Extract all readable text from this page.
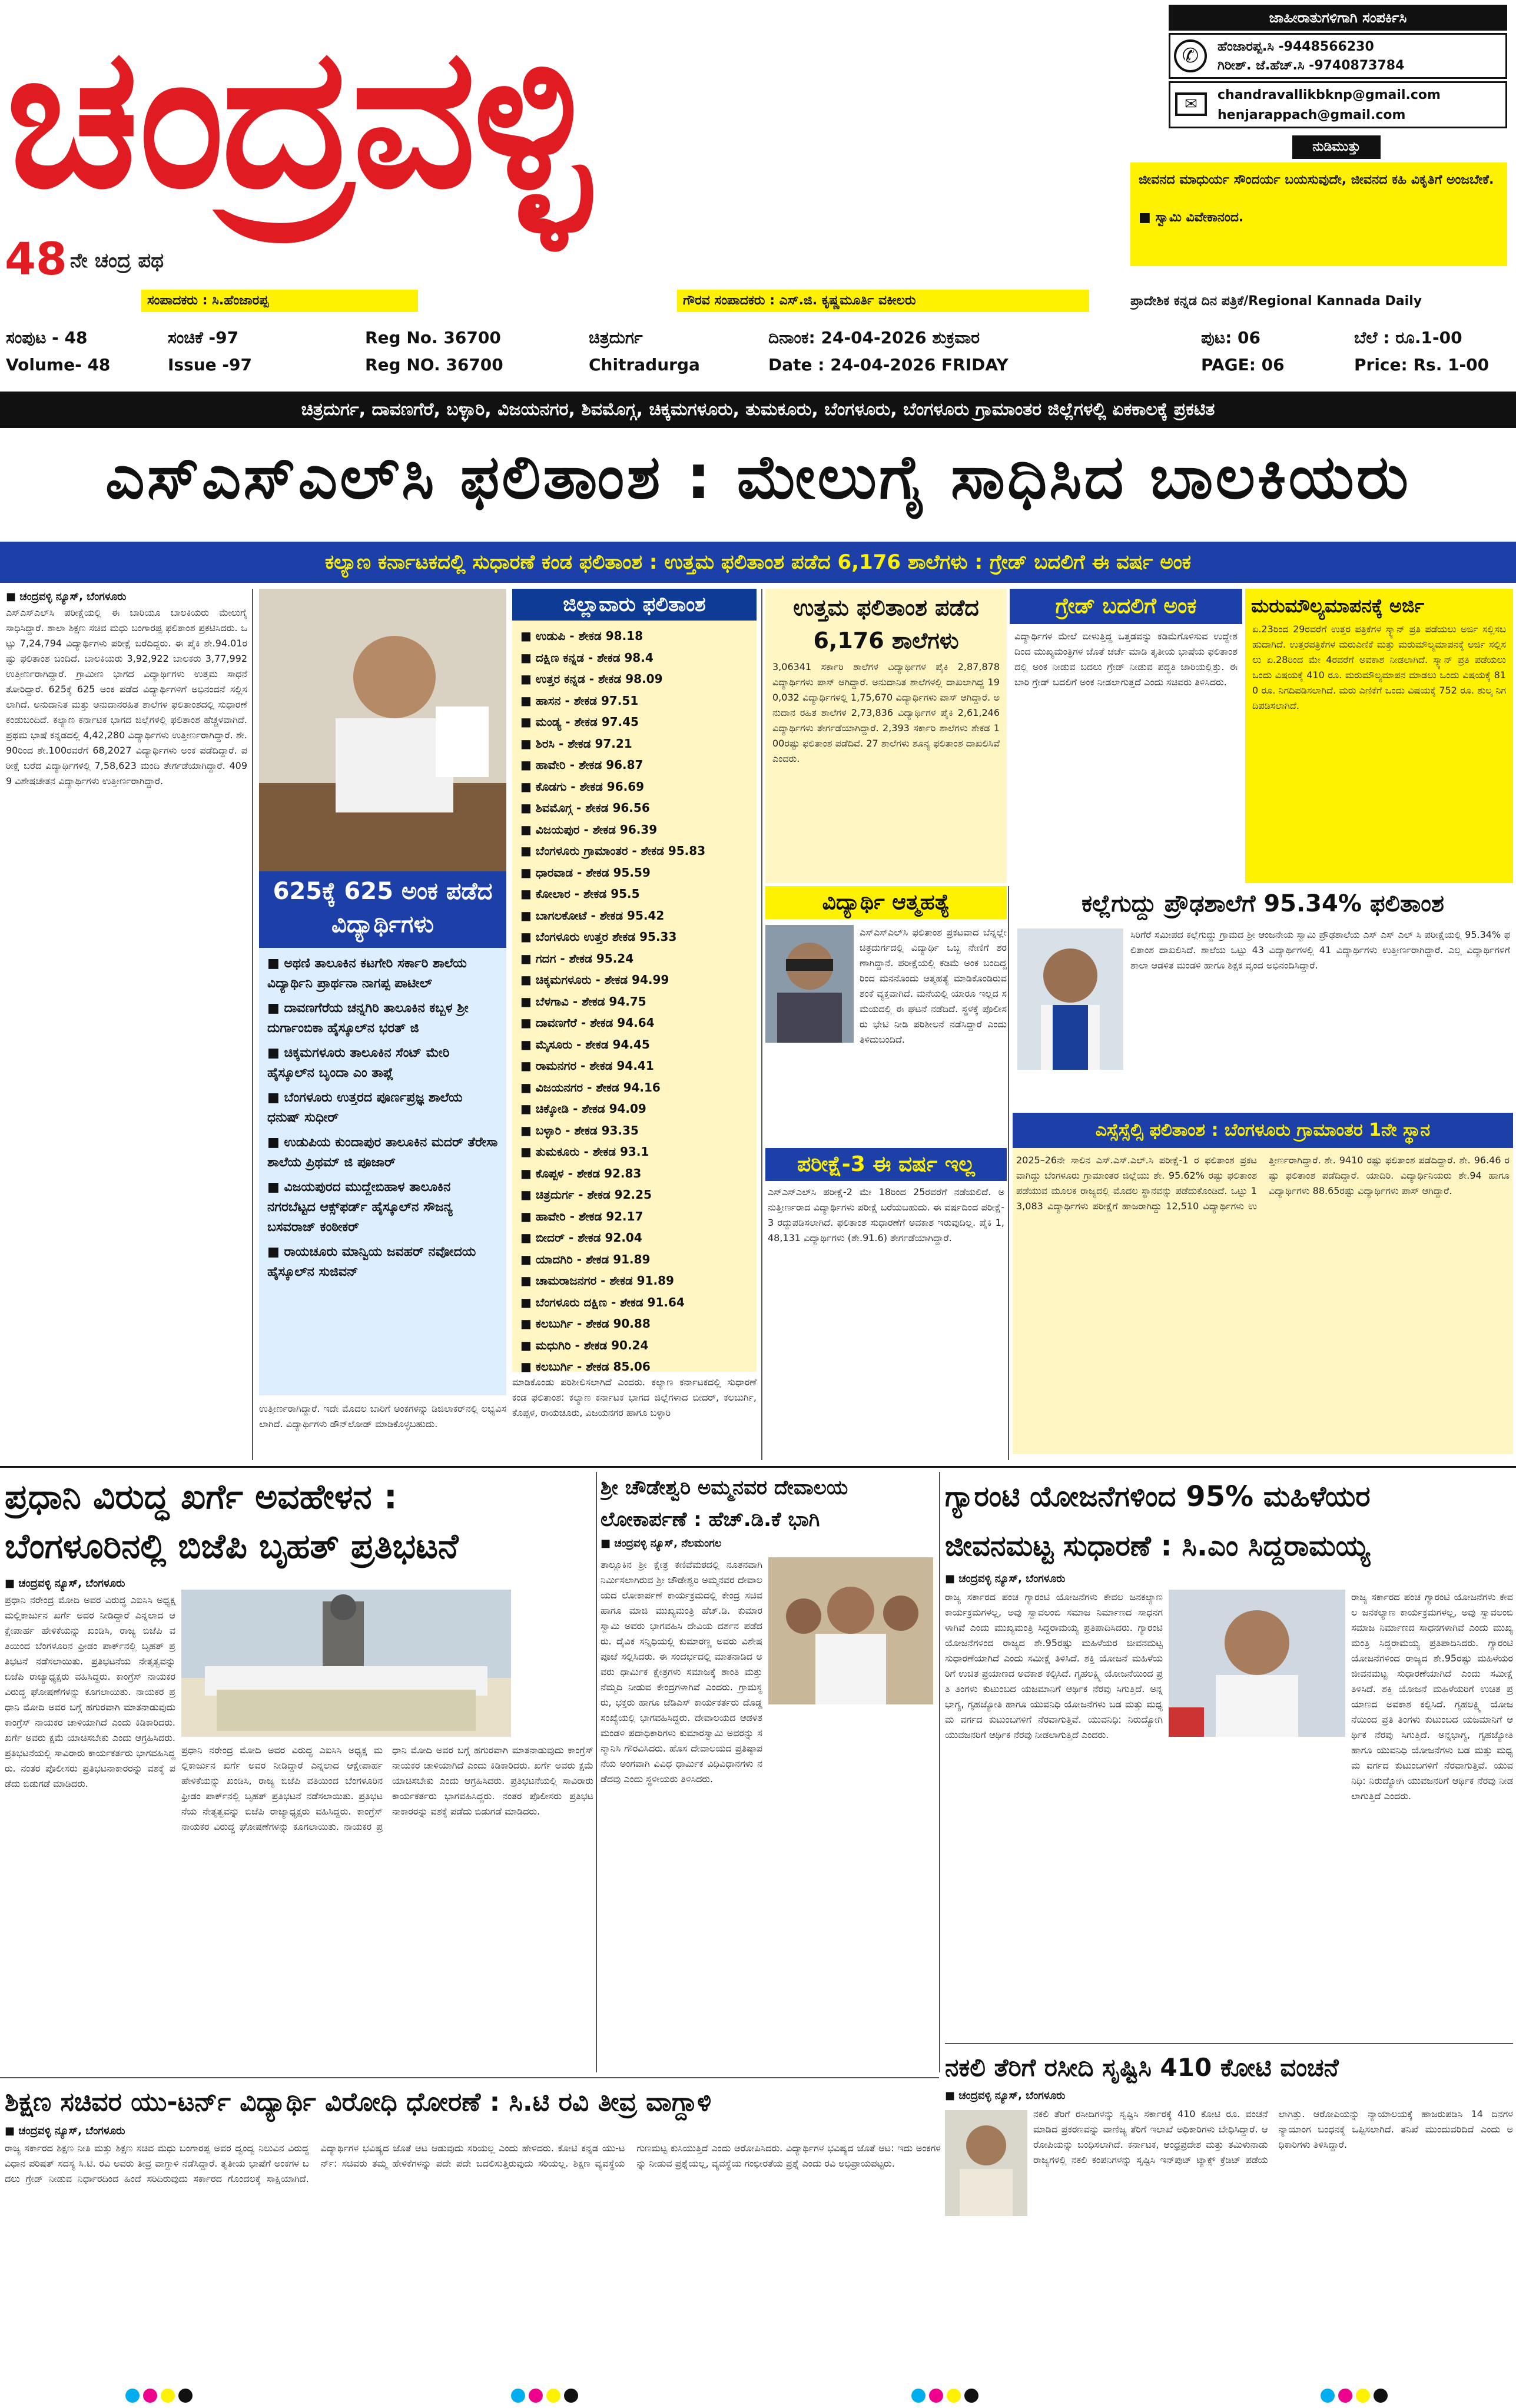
ಚಂದ್ರವಳ್ಳಿ
48 ನೇ ಚಂದ್ರ ಪಥ
ಸಂಪಾದಕರು : ಸಿ.ಹೆಂಜಾರಪ್ಪ	ಗೌರವ ಸಂಪಾದಕರು : ಎಸ್.ಜಿ. ಕೃಷ್ಣಮೂರ್ತಿ ವಕೀಲರು	ಪ್ರಾದೇಶಿಕ ಕನ್ನಡ ದಿನ ಪತ್ರಿಕೆ/Regional Kannada Daily
ಜಾಹೀರಾತುಗಳಿಗಾಗಿ ಸಂಪರ್ಕಿಸಿ
✆	ಹೆಂಜಾರಪ್ಪ.ಸಿ -9448566230
ಗಿರೀಶ್. ಜೆ.ಹೆಚ್.ಸಿ -9740873784
✉
chandravallikbknp@gmail.com
henjarappach@gmail.com
ನುಡಿಮುತ್ತು
ಜೀವನದ ಮಾಧುರ್ಯ ಸೌಂದರ್ಯ ಬಯಸುವುದೇ, ಜೀವನದ ಕಹಿ ವಿಕೃತಿಗೆ ಅಂಜಬೇಕೆ.
■ ಸ್ವಾಮಿ ವಿವೇಕಾನಂದ.
ಸಂಪುಟ - 48
Volume- 48
ಸಂಚಿಕೆ -97
Issue -97
Reg No. 36700
Reg NO. 36700
ಚಿತ್ರದುರ್ಗ
Chitradurga
ದಿನಾಂಕ: 24-04-2026 ಶುಕ್ರವಾರ
Date : 24-04-2026 FRIDAY
ಪುಟ: 06
PAGE: 06
ಬೆಲೆ : ರೂ.1-00
Price: Rs. 1-00
ಚಿತ್ರದುರ್ಗ, ದಾವಣಗೆರೆ, ಬಳ್ಳಾರಿ, ವಿಜಯನಗರ, ಶಿವಮೊಗ್ಗ, ಚಿಕ್ಕಮಗಳೂರು, ತುಮಕೂರು, ಬೆಂಗಳೂರು, ಬೆಂಗಳೂರು ಗ್ರಾಮಾಂತರ ಜಿಲ್ಲೆಗಳಲ್ಲಿ ಏಕಕಾಲಕ್ಕೆ ಪ್ರಕಟಿತ
ಎಸ್‌ಎಸ್‌ಎಲ್‌ಸಿ ಫಲಿತಾಂಶ : ಮೇಲುಗೈ ಸಾಧಿಸಿದ ಬಾಲಕಿಯರು
ಕಲ್ಯಾಣ ಕರ್ನಾಟಕದಲ್ಲಿ ಸುಧಾರಣೆ ಕಂಡ ಫಲಿತಾಂಶ : ಉತ್ತಮ ಫಲಿತಾಂಶ ಪಡೆದ 6,176 ಶಾಲೆಗಳು : ಗ್ರೇಡ್ ಬದಲಿಗೆ ಈ ವರ್ಷ ಅಂಕ
■ ಚಂದ್ರವಳ್ಳಿ ನ್ಯೂಸ್, ಬೆಂಗಳೂರು
ಎಸ್‌ಎಸ್‌ಎಲ್‌ಸಿ ಪರೀಕ್ಷೆಯಲ್ಲಿ ಈ ಬಾರಿಯೂ ಬಾಲಕಿಯರು ಮೇಲುಗೈ ಸಾಧಿಸಿದ್ದಾರೆ. ಶಾಲಾ ಶಿಕ್ಷಣ ಸಚಿವ ಮಧು ಬಂಗಾರಪ್ಪ ಫಲಿತಾಂಶ ಪ್ರಕಟಿಸಿದರು. ಒಟ್ಟು 7,24,794 ವಿದ್ಯಾರ್ಥಿಗಳು ಪರೀಕ್ಷೆ ಬರೆದಿದ್ದರು. ಈ ಪೈಕಿ ಶೇ.94.01ರಷ್ಟು ಫಲಿತಾಂಶ ಬಂದಿದೆ. ಬಾಲಕಿಯರು 3,92,922 ಬಾಲಕರು 3,77,992 ಉತ್ತೀರ್ಣರಾಗಿದ್ದಾರೆ. ಗ್ರಾಮೀಣ ಭಾಗದ ವಿದ್ಯಾರ್ಥಿಗಳು ಉತ್ತಮ ಸಾಧನೆ ತೋರಿದ್ದಾರೆ. 625ಕ್ಕೆ 625 ಅಂಕ ಪಡೆದ ವಿದ್ಯಾರ್ಥಿಗಳಿಗೆ ಅಭಿನಂದನೆ ಸಲ್ಲಿಸಲಾಗಿದೆ. ಅನುದಾನಿತ ಮತ್ತು ಅನುದಾನರಹಿತ ಶಾಲೆಗಳ ಫಲಿತಾಂಶದಲ್ಲಿ ಸುಧಾರಣೆ ಕಂಡುಬಂದಿದೆ. ಕಲ್ಯಾಣ ಕರ್ನಾಟಕ ಭಾಗದ ಜಿಲ್ಲೆಗಳಲ್ಲಿ ಫಲಿತಾಂಶ ಹೆಚ್ಚಳವಾಗಿದೆ. ಪ್ರಥಮ ಭಾಷೆ ಕನ್ನಡದಲ್ಲಿ 4,42,280 ವಿದ್ಯಾರ್ಥಿಗಳು ಉತ್ತೀರ್ಣರಾಗಿದ್ದಾರೆ. ಶೇ.90ರಿಂದ ಶೇ.100ರವರೆಗೆ 68,2027 ವಿದ್ಯಾರ್ಥಿಗಳು ಅಂಕ ಪಡೆದಿದ್ದಾರೆ. ಪರೀಕ್ಷೆ ಬರೆದ ವಿದ್ಯಾರ್ಥಿಗಳಲ್ಲಿ 7,58,623 ಮಂದಿ ತೇರ್ಗಡೆಯಾಗಿದ್ದಾರೆ. 4099 ವಿಶೇಷಚೇತನ ವಿದ್ಯಾರ್ಥಿಗಳು ಉತ್ತೀರ್ಣರಾಗಿದ್ದಾರೆ.
ಉತ್ತೀರ್ಣರಾಗಿದ್ದಾರೆ. ಇದೇ ಮೊದಲ ಬಾರಿಗೆ ಅಂಕಗಳನ್ನು ಡಿಜಿಲಾಕರ್‌ನಲ್ಲಿ ಲಭ್ಯವಿಸಲಾಗಿದೆ. ವಿದ್ಯಾರ್ಥಿಗಳು ಡೌನ್‌ಲೋಡ್ ಮಾಡಿಕೊಳ್ಳಬಹುದು.
625ಕ್ಕೆ 625 ಅಂಕ ಪಡೆದ ವಿದ್ಯಾರ್ಥಿಗಳು
■ ಅಥಣಿ ತಾಲೂಕಿನ ಕಟಗೇರಿ ಸರ್ಕಾರಿ ಶಾಲೆಯ ವಿದ್ಯಾರ್ಥಿನಿ ಪ್ರಾರ್ಥನಾ ನಾಗಪ್ಪ ಪಾಟೀಲ್
■ ದಾವಣಗೆರೆಯ ಚನ್ನಗಿರಿ ತಾಲೂಕಿನ ಕಬ್ಬಳ ಶ್ರೀ ದುರ್ಗಾಂಬಿಕಾ ಹೈಸ್ಕೂಲ್‌ನ ಭರತ್ ಜಿ
■ ಚಿಕ್ಕಮಗಳೂರು ತಾಲೂಕಿನ ಸೆಂಟ್ ಮೇರಿ ಹೈಸ್ಕೂಲ್‌ನ ಬೃಂದಾ ಎಂ ತಾಪ್ಲೆ
■ ಬೆಂಗಳೂರು ಉತ್ತರದ ಪೂರ್ಣಪ್ರಜ್ಞ ಶಾಲೆಯ ಧನುಷ್ ಸುಧೀರ್
■ ಉಡುಪಿಯ ಕುಂದಾಪುರ ತಾಲೂಕಿನ ಮದರ್ ತೆರೇಸಾ ಶಾಲೆಯ ಪ್ರಿಥಮ್ ಜಿ ಪೂಜಾರ್
■ ವಿಜಯಪುರದ ಮುದ್ದೇಬಿಹಾಳ ತಾಲೂಕಿನ ನಗರಬೆಟ್ಟದ ಆಕ್ಸ್‌ಫರ್ಡ್ ಹೈಸ್ಕೂಲ್‌ನ ಸೌಜನ್ಯ ಬಸವರಾಜ್ ಕಂಠೀಕರ್
■ ರಾಯಚೂರು ಮಾನ್ವಿಯ ಜವಹರ್ ನವೋದಯ ಹೈಸ್ಕೂಲ್‌ನ ಸುಜಿವನ್
ಜಿಲ್ಲಾವಾರು ಫಲಿತಾಂಶ
■ ಉಡುಪಿ - ಶೇಕಡ 98.18
■ ದಕ್ಷಿಣ ಕನ್ನಡ - ಶೇಕಡ 98.4
■ ಉತ್ತರ ಕನ್ನಡ - ಶೇಕಡ 98.09
■ ಹಾಸನ - ಶೇಕಡ 97.51
■ ಮಂಡ್ಯ - ಶೇಕಡ 97.45
■ ಶಿರಸಿ - ಶೇಕಡ 97.21
■ ಹಾವೇರಿ - ಶೇಕಡ 96.87
■ ಕೊಡಗು - ಶೇಕಡ 96.69
■ ಶಿವಮೊಗ್ಗ - ಶೇಕಡ 96.56
■ ವಿಜಯಪುರ - ಶೇಕಡ 96.39
■ ಬೆಂಗಳೂರು ಗ್ರಾಮಾಂತರ - ಶೇಕಡ 95.83
■ ಧಾರವಾಡ - ಶೇಕಡ 95.59
■ ಕೋಲಾರ - ಶೇಕಡ 95.5
■ ಬಾಗಲಕೋಟೆ - ಶೇಕಡ 95.42
■ ಬೆಂಗಳೂರು ಉತ್ತರ ಶೇಕಡ 95.33
■ ಗದಗ - ಶೇಕಡ 95.24
■ ಚಿಕ್ಕಮಗಳೂರು - ಶೇಕಡ 94.99
■ ಬೆಳಗಾವಿ - ಶೇಕಡ 94.75
■ ದಾವಣಗೆರೆ - ಶೇಕಡ 94.64
■ ಮೈಸೂರು - ಶೇಕಡ 94.45
■ ರಾಮನಗರ - ಶೇಕಡ 94.41
■ ವಿಜಯನಗರ - ಶೇಕಡ 94.16
■ ಚಿಕ್ಕೋಡಿ - ಶೇಕಡ 94.09
■ ಬಳ್ಳಾರಿ - ಶೇಕಡ 93.35
■ ತುಮಕೂರು - ಶೇಕಡ 93.1
■ ಕೊಪ್ಪಳ - ಶೇಕಡ 92.83
■ ಚಿತ್ರದುರ್ಗ - ಶೇಕಡ 92.25
■ ಹಾವೇರಿ - ಶೇಕಡ 92.17
■ ಬೀದರ್ - ಶೇಕಡ 92.04
■ ಯಾದಗಿರಿ - ಶೇಕಡ 91.89
■ ಚಾಮರಾಜನಗರ - ಶೇಕಡ 91.89
■ ಬೆಂಗಳೂರು ದಕ್ಷಿಣ - ಶೇಕಡ 91.64
■ ಕಲಬುರ್ಗಿ - ಶೇಕಡ 90.88
■ ಮಧುಗಿರಿ - ಶೇಕಡ 90.24
■ ಕಲಬುರ್ಗಿ - ಶೇಕಡ 85.06
ಮಾಡಿಕೊಂಡು ಪರಿಶೀಲಿಸಲಾಗಿದೆ ಎಂದರು. ಕಲ್ಯಾಣ ಕರ್ನಾಟಕದಲ್ಲಿ ಸುಧಾರಣೆ ಕಂಡ ಫಲಿತಾಂಶ: ಕಲ್ಯಾಣ ಕರ್ನಾಟಕ ಭಾಗದ ಜಿಲ್ಲೆಗಳಾದ ಬೀದರ್, ಕಲಬುರ್ಗಿ, ಕೊಪ್ಪಳ, ರಾಯಚೂರು, ವಿಜಯನಗರ ಹಾಗೂ ಬಳ್ಳಾರಿ
ಉತ್ತಮ ಫಲಿತಾಂಶ ಪಡೆದ 6,176 ಶಾಲೆಗಳು
3,06341 ಸರ್ಕಾರಿ ಶಾಲೆಗಳ ವಿದ್ಯಾರ್ಥಿಗಳ ಪೈಕಿ 2,87,878 ವಿದ್ಯಾರ್ಥಿಗಳು ಪಾಸ್ ಆಗಿದ್ದಾರೆ. ಅನುದಾನಿತ ಶಾಲೆಗಳಲ್ಲಿ ದಾಖಲಾಗಿದ್ದ 190,032 ವಿದ್ಯಾರ್ಥಿಗಳಲ್ಲಿ 1,75,670 ವಿದ್ಯಾರ್ಥಿಗಳು ಪಾಸ್ ಆಗಿದ್ದಾರೆ. ಅನುದಾನ ರಹಿತ ಶಾಲೆಗಳ 2,73,836 ವಿದ್ಯಾರ್ಥಿಗಳ ಪೈಕಿ 2,61,246 ವಿದ್ಯಾರ್ಥಿಗಳು ತೇರ್ಗಡೆಯಾಗಿದ್ದಾರೆ. 2,393 ಸರ್ಕಾರಿ ಶಾಲೆಗಳು ಶೇಕಡ 100ರಷ್ಟು ಫಲಿತಾಂಶ ಪಡೆದಿವೆ. 27 ಶಾಲೆಗಳು ಶೂನ್ಯ ಫಲಿತಾಂಶ ದಾಖಲಿಸಿವೆ ಎಂದರು.
ಗ್ರೇಡ್ ಬದಲಿಗೆ ಅಂಕ
ವಿದ್ಯಾರ್ಥಿಗಳ ಮೇಲೆ ಬೀಳುತ್ತಿದ್ದ ಒತ್ತಡವನ್ನು ಕಡಿಮೆಗೊಳಿಸುವ ಉದ್ದೇಶದಿಂದ ಮುಖ್ಯಮಂತ್ರಿಗಳ ಜೊತೆ ಚರ್ಚೆ ಮಾಡಿ ತೃತೀಯ ಭಾಷೆಯ ಫಲಿತಾಂಶದಲ್ಲಿ ಅಂಕ ನೀಡುವ ಬದಲು ಗ್ರೇಡ್ ನೀಡುವ ಪದ್ಧತಿ ಜಾರಿಯಲ್ಲಿತ್ತು. ಈ ಬಾರಿ ಗ್ರೇಡ್ ಬದಲಿಗೆ ಅಂಕ ನೀಡಲಾಗುತ್ತದೆ ಎಂದು ಸಚಿವರು ತಿಳಿಸಿದರು.
ಮರುಮೌಲ್ಯಮಾಪನಕ್ಕೆ ಅರ್ಜಿ
ಏ.23ರಿಂದ 29ರವರೆಗೆ ಉತ್ತರ ಪತ್ರಿಕೆಗಳ ಸ್ಕ್ಯಾನ್ ಪ್ರತಿ ಪಡೆಯಲು ಅರ್ಜಿ ಸಲ್ಲಿಸಬಹುದಾಗಿದೆ. ಉತ್ತರಪತ್ರಿಕೆಗಳ ಮರುಎಣಿಕೆ ಮತ್ತು ಮರುಮೌಲ್ಯಮಾಪನಕ್ಕೆ ಅರ್ಜಿ ಸಲ್ಲಿಸಲು ಏ.28ರಿಂದ ಮೇ 4ರವರೆಗೆ ಅವಕಾಶ ನೀಡಲಾಗಿದೆ. ಸ್ಕ್ಯಾನ್ ಪ್ರತಿ ಪಡೆಯಲು ಒಂದು ವಿಷಯಕ್ಕೆ 410 ರೂ. ಮರುಮೌಲ್ಯಮಾಪನ ಮಾಡಲು ಒಂದು ವಿಷಯಕ್ಕೆ 810 ರೂ. ನಿಗದಿಪಡಿಸಲಾಗಿದೆ. ಮರು ಎಣಿಕೆಗೆ ಒಂದು ವಿಷಯಕ್ಕೆ 752 ರೂ. ಶುಲ್ಕ ನಿಗದಿಪಡಿಸಲಾಗಿದೆ.
ವಿದ್ಯಾರ್ಥಿ ಆತ್ಮಹತ್ಯೆ
ಎಸ್‌ಎಸ್‌ಎಲ್‌ಸಿ ಫಲಿತಾಂಶ ಪ್ರಕಟವಾದ ಬೆನ್ನಲ್ಲೇ ಚಿತ್ರದುರ್ಗದಲ್ಲಿ ವಿದ್ಯಾರ್ಥಿ ಒಬ್ಬ ನೇಣಿಗೆ ಶರಣಾಗಿದ್ದಾನೆ. ಪರೀಕ್ಷೆಯಲ್ಲಿ ಕಡಿಮೆ ಅಂಕ ಬಂದಿದ್ದರಿಂದ ಮನನೊಂದು ಆತ್ಮಹತ್ಯೆ ಮಾಡಿಕೊಂಡಿರುವ ಶಂಕೆ ವ್ಯಕ್ತವಾಗಿದೆ. ಮನೆಯಲ್ಲಿ ಯಾರೂ ಇಲ್ಲದ ಸಮಯದಲ್ಲಿ ಈ ಘಟನೆ ನಡೆದಿದೆ. ಸ್ಥಳಕ್ಕೆ ಪೊಲೀಸರು ಭೇಟಿ ನೀಡಿ ಪರಿಶೀಲನೆ ನಡೆಸಿದ್ದಾರೆ ಎಂದು ತಿಳಿದುಬಂದಿದೆ.
ಪರೀಕ್ಷೆ-3 ಈ ವರ್ಷ ಇಲ್ಲ
ಎಸ್‌ಎಸ್‌ಎಲ್‌ಸಿ ಪರೀಕ್ಷೆ-2 ಮೇ 18ರಿಂದ 25ರವರೆಗೆ ನಡೆಯಲಿದೆ. ಅನುತ್ತೀರ್ಣರಾದ ವಿದ್ಯಾರ್ಥಿಗಳು ಪರೀಕ್ಷೆ ಬರೆಯಬಹುದು. ಈ ವರ್ಷದಿಂದ ಪರೀಕ್ಷೆ-3 ರದ್ದುಪಡಿಸಲಾಗಿದೆ. ಫಲಿತಾಂಶ ಸುಧಾರಣೆಗೆ ಅವಕಾಶ ಇರುವುದಿಲ್ಲ. ಪೈಕಿ 1,48,131 ವಿದ್ಯಾರ್ಥಿಗಳು (ಶೇ.91.6) ತೇರ್ಗಡೆಯಾಗಿದ್ದಾರೆ.
ಕಲ್ಲೆಗುದ್ದು ಪ್ರೌಢಶಾಲೆಗೆ 95.34% ಫಲಿತಾಂಶ
ಸಿರಿಗೆರೆ ಸಮೀಪದ ಕಲ್ಲೆಗುದ್ದು ಗ್ರಾಮದ ಶ್ರೀ ಆಂಜನೇಯ ಸ್ವಾಮಿ ಪ್ರೌಢಶಾಲೆಯ ಎಸ್ ಎಸ್ ಎಲ್ ಸಿ ಪರೀಕ್ಷೆಯಲ್ಲಿ 95.34% ಫಲಿತಾಂಶ ದಾಖಲಿಸಿದೆ. ಶಾಲೆಯ ಒಟ್ಟು 43 ವಿದ್ಯಾರ್ಥಿಗಳಲ್ಲಿ 41 ವಿದ್ಯಾರ್ಥಿಗಳು ಉತ್ತೀರ್ಣರಾಗಿದ್ದಾರೆ. ಎಲ್ಲ ವಿದ್ಯಾರ್ಥಿಗಳಿಗೆ ಶಾಲಾ ಆಡಳಿತ ಮಂಡಳಿ ಹಾಗೂ ಶಿಕ್ಷಕ ವೃಂದ ಅಭಿನಂದಿಸಿದ್ದಾರೆ.
ಎಸ್ಸೆಸ್ಸೆಲ್ಸಿ ಫಲಿತಾಂಶ : ಬೆಂಗಳೂರು ಗ್ರಾಮಾಂತರ 1ನೇ ಸ್ಥಾನ
2025–26ನೇ ಸಾಲಿನ ಎಸ್.ಎಸ್.ಎಲ್.ಸಿ ಪರೀಕ್ಷೆ-1 ರ ಫಲಿತಾಂಶ ಪ್ರಕಟವಾಗಿದ್ದು ಬೆಂಗಳೂರು ಗ್ರಾಮಾಂತರ ಜಿಲ್ಲೆಯು ಶೇ. 95.62% ರಷ್ಟು ಫಲಿತಾಂಶ ಪಡೆಯುವ ಮೂಲಕ ರಾಜ್ಯದಲ್ಲಿ ಮೊದಲ ಸ್ಥಾನವನ್ನು ಪಡೆದುಕೊಂಡಿದೆ. ಒಟ್ಟು 13,083 ವಿದ್ಯಾರ್ಥಿಗಳು ಪರೀಕ್ಷೆಗೆ ಹಾಜರಾಗಿದ್ದು 12,510 ವಿದ್ಯಾರ್ಥಿಗಳು ಉತ್ತೀರ್ಣರಾಗಿದ್ದಾರೆ. ಶೇ. 9410 ರಷ್ಟು ಫಲಿತಾಂಶ ಪಡೆದಿದ್ದಾರೆ. ಶೇ. 96.46 ರಷ್ಟು ಫಲಿತಾಂಶ ಪಡೆದಿದ್ದಾರೆ. ಯಾದಿರಿ. ವಿದ್ಯಾರ್ಥಿನಿಯರು ಶೇ.94 ಹಾಗೂ ವಿದ್ಯಾರ್ಥಿಗಳು 88.65ರಷ್ಟು ವಿದ್ಯಾರ್ಥಿಗಳು ಪಾಸ್ ಆಗಿದ್ದಾರೆ.
ಪ್ರಧಾನಿ ವಿರುದ್ಧ ಖರ್ಗೆ ಅವಹೇಳನ :
ಬೆಂಗಳೂರಿನಲ್ಲಿ ಬಿಜೆಪಿ ಬೃಹತ್ ಪ್ರತಿಭಟನೆ
■ ಚಂದ್ರವಳ್ಳಿ ನ್ಯೂಸ್, ಬೆಂಗಳೂರು
ಪ್ರಧಾನಿ ನರೇಂದ್ರ ಮೋದಿ ಅವರ ವಿರುದ್ಧ ಎಐಸಿಸಿ ಅಧ್ಯಕ್ಷ ಮಲ್ಲಿಕಾರ್ಜುನ ಖರ್ಗೆ ಅವರ ನೀಡಿದ್ದಾರೆ ಎನ್ನಲಾದ ಆಕ್ಷೇಪಾರ್ಹ ಹೇಳಿಕೆಯನ್ನು ಖಂಡಿಸಿ, ರಾಜ್ಯ ಬಿಜೆಪಿ ವತಿಯಿಂದ ಬೆಂಗಳೂರಿನ ಫ್ರೀಡಂ ಪಾರ್ಕ್‌ನಲ್ಲಿ ಬೃಹತ್ ಪ್ರತಿಭಟನೆ ನಡೆಸಲಾಯಿತು. ಪ್ರತಿಭಟನೆಯ ನೇತೃತ್ವವನ್ನು ಬಿಜೆಪಿ ರಾಜ್ಯಾಧ್ಯಕ್ಷರು ವಹಿಸಿದ್ದರು. ಕಾಂಗ್ರೆಸ್ ನಾಯಕರ ವಿರುದ್ಧ ಘೋಷಣೆಗಳನ್ನು ಕೂಗಲಾಯಿತು. ನಾಯಕರ ಪ್ರಧಾನಿ ಮೋದಿ ಅವರ ಬಗ್ಗೆ ಹಗುರವಾಗಿ ಮಾತನಾಡುವುದು ಕಾಂಗ್ರೆಸ್ ನಾಯಕರ ಚಾಳಿಯಾಗಿದೆ ಎಂದು ಕಿಡಿಕಾರಿದರು. ಖರ್ಗೆ ಅವರು ಕ್ಷಮೆ ಯಾಚಿಸಬೇಕು ಎಂದು ಆಗ್ರಹಿಸಿದರು. ಪ್ರತಿಭಟನೆಯಲ್ಲಿ ಸಾವಿರಾರು ಕಾರ್ಯಕರ್ತರು ಭಾಗವಹಿಸಿದ್ದರು. ನಂತರ ಪೊಲೀಸರು ಪ್ರತಿಭಟನಾಕಾರರನ್ನು ವಶಕ್ಕೆ ಪಡೆದು ಬಿಡುಗಡೆ ಮಾಡಿದರು.
ಪ್ರಧಾನಿ ನರೇಂದ್ರ ಮೋದಿ ಅವರ ವಿರುದ್ಧ ಎಐಸಿಸಿ ಅಧ್ಯಕ್ಷ ಮಲ್ಲಿಕಾರ್ಜುನ ಖರ್ಗೆ ಅವರ ನೀಡಿದ್ದಾರೆ ಎನ್ನಲಾದ ಆಕ್ಷೇಪಾರ್ಹ ಹೇಳಿಕೆಯನ್ನು ಖಂಡಿಸಿ, ರಾಜ್ಯ ಬಿಜೆಪಿ ವತಿಯಿಂದ ಬೆಂಗಳೂರಿನ ಫ್ರೀಡಂ ಪಾರ್ಕ್‌ನಲ್ಲಿ ಬೃಹತ್ ಪ್ರತಿಭಟನೆ ನಡೆಸಲಾಯಿತು. ಪ್ರತಿಭಟನೆಯ ನೇತೃತ್ವವನ್ನು ಬಿಜೆಪಿ ರಾಜ್ಯಾಧ್ಯಕ್ಷರು ವಹಿಸಿದ್ದರು. ಕಾಂಗ್ರೆಸ್ ನಾಯಕರ ವಿರುದ್ಧ ಘೋಷಣೆಗಳನ್ನು ಕೂಗಲಾಯಿತು. ನಾಯಕರ ಪ್ರಧಾನಿ ಮೋದಿ ಅವರ ಬಗ್ಗೆ ಹಗುರವಾಗಿ ಮಾತನಾಡುವುದು ಕಾಂಗ್ರೆಸ್ ನಾಯಕರ ಚಾಳಿಯಾಗಿದೆ ಎಂದು ಕಿಡಿಕಾರಿದರು. ಖರ್ಗೆ ಅವರು ಕ್ಷಮೆ ಯಾಚಿಸಬೇಕು ಎಂದು ಆಗ್ರಹಿಸಿದರು. ಪ್ರತಿಭಟನೆಯಲ್ಲಿ ಸಾವಿರಾರು ಕಾರ್ಯಕರ್ತರು ಭಾಗವಹಿಸಿದ್ದರು. ನಂತರ ಪೊಲೀಸರು ಪ್ರತಿಭಟನಾಕಾರರನ್ನು ವಶಕ್ಕೆ ಪಡೆದು ಬಿಡುಗಡೆ ಮಾಡಿದರು.
ಶ್ರೀ ಚೌಡೇಶ್ವರಿ ಅಮ್ಮನವರ ದೇವಾಲಯ
ಲೋಕಾರ್ಪಣೆ : ಹೆಚ್.ಡಿ.ಕೆ ಭಾಗಿ
■ ಚಂದ್ರವಳ್ಳಿ ನ್ಯೂಸ್, ನೆಲಮಂಗಲ
ತಾಲ್ಲೂಕಿನ ಶ್ರೀ ಕ್ಷೇತ್ರ ಕಣಿವೆಮಠದಲ್ಲಿ ನೂತನವಾಗಿ ನಿರ್ಮಿಸಲಾಗಿರುವ ಶ್ರೀ ಚೌಡೇಶ್ವರಿ ಅಮ್ಮನವರ ದೇವಾಲಯದ ಲೋಕಾರ್ಪಣೆ ಕಾರ್ಯಕ್ರಮದಲ್ಲಿ ಕೇಂದ್ರ ಸಚಿವ ಹಾಗೂ ಮಾಜಿ ಮುಖ್ಯಮಂತ್ರಿ ಹೆಚ್.ಡಿ. ಕುಮಾರಸ್ವಾಮಿ ಅವರು ಭಾಗವಹಿಸಿ ದೇವಿಯ ದರ್ಶನ ಪಡೆದರು. ದೈವಿಕ ಸನ್ನಿಧಿಯಲ್ಲಿ ಕುಮಾರಣ್ಣ ಅವರು ವಿಶೇಷ ಪೂಜೆ ಸಲ್ಲಿಸಿದರು. ಈ ಸಂದರ್ಭದಲ್ಲಿ ಮಾತನಾಡಿದ ಅವರು ಧಾರ್ಮಿಕ ಕ್ಷೇತ್ರಗಳು ಸಮಾಜಕ್ಕೆ ಶಾಂತಿ ಮತ್ತು ನೆಮ್ಮದಿ ನೀಡುವ ಕೇಂದ್ರಗಳಾಗಿವೆ ಎಂದರು. ಗ್ರಾಮಸ್ಥರು, ಭಕ್ತರು ಹಾಗೂ ಜೆಡಿಎಸ್ ಕಾರ್ಯಕರ್ತರು ದೊಡ್ಡ ಸಂಖ್ಯೆಯಲ್ಲಿ ಭಾಗವಹಿಸಿದ್ದರು. ದೇವಾಲಯದ ಆಡಳಿತ ಮಂಡಳಿ ಪದಾಧಿಕಾರಿಗಳು ಕುಮಾರಸ್ವಾಮಿ ಅವರನ್ನು ಸನ್ಮಾನಿಸಿ ಗೌರವಿಸಿದರು. ಹೊಸ ದೇವಾಲಯದ ಪ್ರತಿಷ್ಠಾಪನೆಯ ಅಂಗವಾಗಿ ವಿವಿಧ ಧಾರ್ಮಿಕ ವಿಧಿವಿಧಾನಗಳು ನಡೆದವು ಎಂದು ಸ್ಥಳೀಯರು ತಿಳಿಸಿದರು.
ಗ್ಯಾರಂಟಿ ಯೋಜನೆಗಳಿಂದ 95% ಮಹಿಳೆಯರ
ಜೀವನಮಟ್ಟ ಸುಧಾರಣೆ : ಸಿ.ಎಂ ಸಿದ್ದರಾಮಯ್ಯ
■ ಚಂದ್ರವಳ್ಳಿ ನ್ಯೂಸ್, ಬೆಂಗಳೂರು
ರಾಜ್ಯ ಸರ್ಕಾರದ ಪಂಚ ಗ್ಯಾರಂಟಿ ಯೋಜನೆಗಳು ಕೇವಲ ಜನಕಲ್ಯಾಣ ಕಾರ್ಯಕ್ರಮಗಳಲ್ಲ, ಅವು ಸ್ವಾವಲಂಬಿ ಸಮಾಜ ನಿರ್ಮಾಣದ ಸಾಧನಗಳಾಗಿವೆ ಎಂದು ಮುಖ್ಯಮಂತ್ರಿ ಸಿದ್ದರಾಮಯ್ಯ ಪ್ರತಿಪಾದಿಸಿದರು. ಗ್ಯಾರಂಟಿ ಯೋಜನೆಗಳಿಂದ ರಾಜ್ಯದ ಶೇ.95ರಷ್ಟು ಮಹಿಳೆಯರ ಜೀವನಮಟ್ಟ ಸುಧಾರಣೆಯಾಗಿದೆ ಎಂದು ಸಮೀಕ್ಷೆ ತಿಳಿಸಿದೆ. ಶಕ್ತಿ ಯೋಜನೆ ಮಹಿಳೆಯರಿಗೆ ಉಚಿತ ಪ್ರಯಾಣದ ಅವಕಾಶ ಕಲ್ಪಿಸಿದೆ. ಗೃಹಲಕ್ಷ್ಮಿ ಯೋಜನೆಯಿಂದ ಪ್ರತಿ ತಿಂಗಳು ಕುಟುಂಬದ ಯಜಮಾನಿಗೆ ಆರ್ಥಿಕ ನೆರವು ಸಿಗುತ್ತಿದೆ. ಅನ್ನಭಾಗ್ಯ, ಗೃಹಜ್ಯೋತಿ ಹಾಗೂ ಯುವನಿಧಿ ಯೋಜನೆಗಳು ಬಡ ಮತ್ತು ಮಧ್ಯಮ ವರ್ಗದ ಕುಟುಂಬಗಳಿಗೆ ನೆರವಾಗುತ್ತಿವೆ. ಯುವನಿಧಿ: ನಿರುದ್ಯೋಗಿ ಯುವಜನರಿಗೆ ಆರ್ಥಿಕ ನೆರವು ನೀಡಲಾಗುತ್ತಿದೆ ಎಂದರು.
ರಾಜ್ಯ ಸರ್ಕಾರದ ಪಂಚ ಗ್ಯಾರಂಟಿ ಯೋಜನೆಗಳು ಕೇವಲ ಜನಕಲ್ಯಾಣ ಕಾರ್ಯಕ್ರಮಗಳಲ್ಲ, ಅವು ಸ್ವಾವಲಂಬಿ ಸಮಾಜ ನಿರ್ಮಾಣದ ಸಾಧನಗಳಾಗಿವೆ ಎಂದು ಮುಖ್ಯಮಂತ್ರಿ ಸಿದ್ದರಾಮಯ್ಯ ಪ್ರತಿಪಾದಿಸಿದರು. ಗ್ಯಾರಂಟಿ ಯೋಜನೆಗಳಿಂದ ರಾಜ್ಯದ ಶೇ.95ರಷ್ಟು ಮಹಿಳೆಯರ ಜೀವನಮಟ್ಟ ಸುಧಾರಣೆಯಾಗಿದೆ ಎಂದು ಸಮೀಕ್ಷೆ ತಿಳಿಸಿದೆ. ಶಕ್ತಿ ಯೋಜನೆ ಮಹಿಳೆಯರಿಗೆ ಉಚಿತ ಪ್ರಯಾಣದ ಅವಕಾಶ ಕಲ್ಪಿಸಿದೆ. ಗೃಹಲಕ್ಷ್ಮಿ ಯೋಜನೆಯಿಂದ ಪ್ರತಿ ತಿಂಗಳು ಕುಟುಂಬದ ಯಜಮಾನಿಗೆ ಆರ್ಥಿಕ ನೆರವು ಸಿಗುತ್ತಿದೆ. ಅನ್ನಭಾಗ್ಯ, ಗೃಹಜ್ಯೋತಿ ಹಾಗೂ ಯುವನಿಧಿ ಯೋಜನೆಗಳು ಬಡ ಮತ್ತು ಮಧ್ಯಮ ವರ್ಗದ ಕುಟುಂಬಗಳಿಗೆ ನೆರವಾಗುತ್ತಿವೆ. ಯುವನಿಧಿ: ನಿರುದ್ಯೋಗಿ ಯುವಜನರಿಗೆ ಆರ್ಥಿಕ ನೆರವು ನೀಡಲಾಗುತ್ತಿದೆ ಎಂದರು.
ನಕಲಿ ತೆರಿಗೆ ರಸೀದಿ ಸೃಷ್ಟಿಸಿ 410 ಕೋಟಿ ವಂಚನೆ
■ ಚಂದ್ರವಳ್ಳಿ ನ್ಯೂಸ್, ಬೆಂಗಳೂರು
ನಕಲಿ ತೆರಿಗೆ ರಸೀದಿಗಳನ್ನು ಸೃಷ್ಟಿಸಿ ಸರ್ಕಾರಕ್ಕೆ 410 ಕೋಟಿ ರೂ. ವಂಚನೆ ಮಾಡಿದ ಪ್ರಕರಣವನ್ನು ವಾಣಿಜ್ಯ ತೆರಿಗೆ ಇಲಾಖೆ ಅಧಿಕಾರಿಗಳು ಬೇಧಿಸಿದ್ದಾರೆ. ಆರೋಪಿಯನ್ನು ಬಂಧಿಸಲಾಗಿದೆ. ಕರ್ನಾಟಕ, ಆಂಧ್ರಪ್ರದೇಶ ಮತ್ತು ತಮಿಳುನಾಡು ರಾಜ್ಯಗಳಲ್ಲಿ ನಕಲಿ ಕಂಪನಿಗಳನ್ನು ಸೃಷ್ಟಿಸಿ ಇನ್‌ಪುಟ್ ಟ್ಯಾಕ್ಸ್ ಕ್ರೆಡಿಟ್ ಪಡೆಯಲಾಗಿತ್ತು. ಆರೋಪಿಯನ್ನು ನ್ಯಾಯಾಲಯಕ್ಕೆ ಹಾಜರುಪಡಿಸಿ 14 ದಿನಗಳ ನ್ಯಾಯಾಂಗ ಬಂಧನಕ್ಕೆ ಒಪ್ಪಿಸಲಾಗಿದೆ. ತನಿಖೆ ಮುಂದುವರಿದಿದೆ ಎಂದು ಅಧಿಕಾರಿಗಳು ತಿಳಿಸಿದ್ದಾರೆ.
ಶಿಕ್ಷಣ ಸಚಿವರ ಯು-ಟರ್ನ್ ವಿದ್ಯಾರ್ಥಿ ವಿರೋಧಿ ಧೋರಣೆ : ಸಿ.ಟಿ ರವಿ ತೀವ್ರ ವಾಗ್ದಾಳಿ
■ ಚಂದ್ರವಳ್ಳಿ ನ್ಯೂಸ್, ಬೆಂಗಳೂರು
ರಾಜ್ಯ ಸರ್ಕಾರದ ಶಿಕ್ಷಣ ನೀತಿ ಮತ್ತು ಶಿಕ್ಷಣ ಸಚಿವ ಮಧು ಬಂಗಾರಪ್ಪ ಅವರ ದ್ವಂದ್ವ ನಿಲುವಿನ ವಿರುದ್ಧ ವಿಧಾನ ಪರಿಷತ್ ಸದಸ್ಯ ಸಿ.ಟಿ. ರವಿ ಅವರು ತೀವ್ರ ವಾಗ್ದಾಳಿ ನಡೆಸಿದ್ದಾರೆ. ತೃತೀಯ ಭಾಷೆಗೆ ಅಂಕಗಳ ಬದಲು ಗ್ರೇಡ್ ನೀಡುವ ನಿರ್ಧಾರದಿಂದ ಹಿಂದೆ ಸರಿದಿರುವುದು ಸರ್ಕಾರದ ಗೊಂದಲಕ್ಕೆ ಸಾಕ್ಷಿಯಾಗಿದೆ. ವಿದ್ಯಾರ್ಥಿಗಳ ಭವಿಷ್ಯದ ಜೊತೆ ಆಟ ಆಡುವುದು ಸರಿಯಲ್ಲ ಎಂದು ಹೇಳಿದರು. ಕೋಟಿ ಕನ್ನಡ ಯು-ಟರ್ನ್: ಸಚಿವರು ತಮ್ಮ ಹೇಳಿಕೆಗಳನ್ನು ಪದೇ ಪದೇ ಬದಲಿಸುತ್ತಿರುವುದು ಸರಿಯಲ್ಲ. ಶಿಕ್ಷಣ ವ್ಯವಸ್ಥೆಯ ಗುಣಮಟ್ಟ ಕುಸಿಯುತ್ತಿದೆ ಎಂದು ಆರೋಪಿಸಿದರು. ವಿದ್ಯಾರ್ಥಿಗಳ ಭವಿಷ್ಯದ ಜೊತೆ ಆಟ: ಇದು ಅಂಕಗಳನ್ನು ನೀಡುವ ಪ್ರಶ್ನೆಯಲ್ಲ, ವ್ಯವಸ್ಥೆಯ ಗಂಭೀರತೆಯ ಪ್ರಶ್ನೆ ಎಂದು ರವಿ ಅಭಿಪ್ರಾಯಪಟ್ಟರು.
